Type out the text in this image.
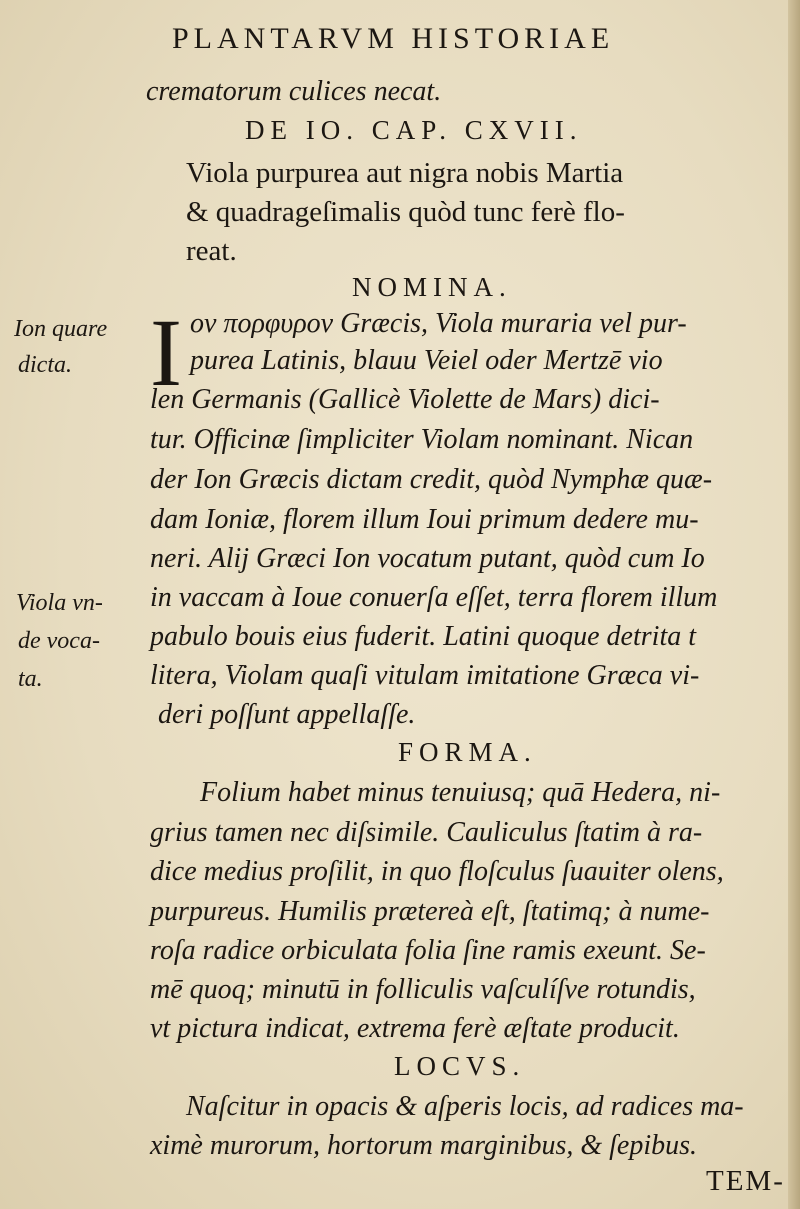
PLANTARVM HISTORIAE
crematorum culices necat.
DE IO. CAP. CXVII.
Viola purpurea aut nigra nobis Martia
& quadrageſimalis quòd tunc ferè flo-
reat.
NOMINA.
I ον πορφυρον Græcis, Viola muraria vel pur-
purea Latinis, blauu Veiel oder Mertzē vio
len Germanis (Gallicè Violette de Mars) dici-
tur. Officinæ ſimpliciter Violam nominant. Nican
der Ion Græcis dictam credit, quòd Nymphæ quæ-
dam Ioniæ, florem illum Ioui primum dedere mu-
neri. Alij Græci Ion vocatum putant, quòd cum Io
in vaccam à Ioue conuerſa eſſet, terra florem illum
pabulo bouis eius fuderit. Latini quoque detrita t
litera, Violam quaſi vitulam imitatione Græca vi-
deri poſſunt appellaſſe.
FORMA.
Folium habet minus tenuiusq; quā Hedera, ni-
grius tamen nec diſsimile. Cauliculus ſtatim à ra-
dice medius proſilit, in quo floſculus ſuauiter olens,
purpureus. Humilis prætereà eſt, ſtatimq; à nume-
roſa radice orbiculata folia ſine ramis exeunt. Se-
mē quoq; minutū in folliculis vaſculíſve rotundis,
vt pictura indicat, extrema ferè æſtate producit.
LOCVS.
Naſcitur in opacis & aſperis locis, ad radices ma-
ximè murorum, hortorum marginibus, & ſepibus.
TEM-
Ion quare
dicta.
Viola vn-
de voca-
ta.
